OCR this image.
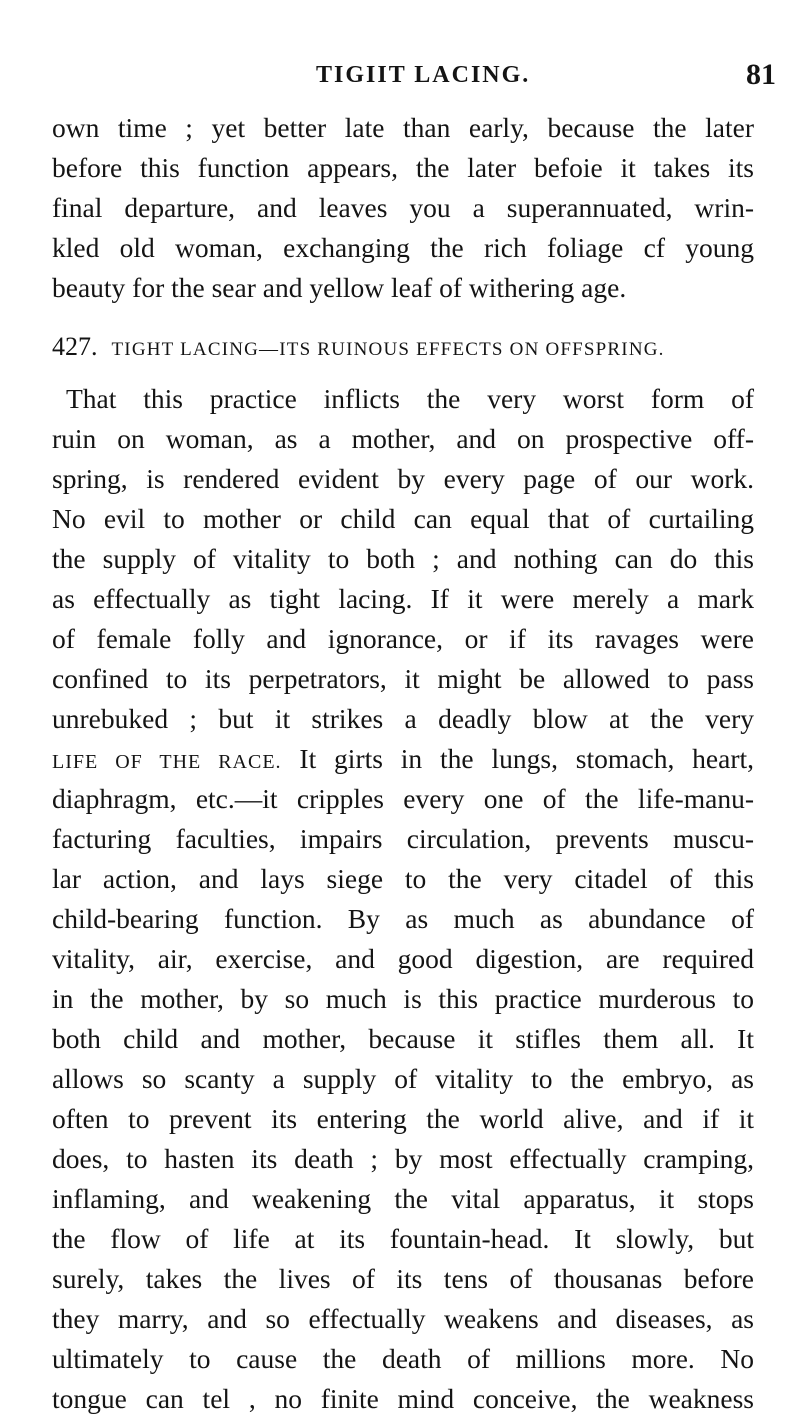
TIGIIT LACING.	81
own time ; yet better late than early, because the later
before this function appears, the later befoie it takes its
final departure, and leaves you a superannuated, wrin-
kled old woman, exchanging the rich foliage cf young
beauty for the sear and yellow leaf of withering age.
427. TIGHT LACING—ITS RUINOUS EFFECTS ON OFFSPRING.
That this practice inflicts the very worst form of
ruin on woman, as a mother, and on prospective off-
spring, is rendered evident by every page of our work.
No evil to mother or child can equal that of curtailing
the supply of vitality to both ; and nothing can do this
as effectually as tight lacing. If it were merely a mark
of female folly and ignorance, or if its ravages were
confined to its perpetrators, it might be allowed to pass
unrebuked ; but it strikes a deadly blow at the very
LIFE OF THE RACE. It girts in the lungs, stomach, heart,
diaphragm, etc.—it cripples every one of the life-manu-
facturing faculties, impairs circulation, prevents muscu-
lar action, and lays siege to the very citadel of this
child-bearing function. By as much as abundance of
vitality, air, exercise, and good digestion, are required
in the mother, by so much is this practice murderous to
both child and mother, because it stifles them all. It
allows so scanty a supply of vitality to the embryo, as
often to prevent its entering the world alive, and if it
does, to hasten its death ; by most effectually cramping,
inflaming, and weakening the vital apparatus, it stops
the flow of life at its fountain-head. It slowly, but
surely, takes the lives of its tens of thousanas before
they marry, and so effectually weakens and diseases, as
ultimately to cause the death of millions more. No
tongue can tel , no finite mind conceive, the weakness
